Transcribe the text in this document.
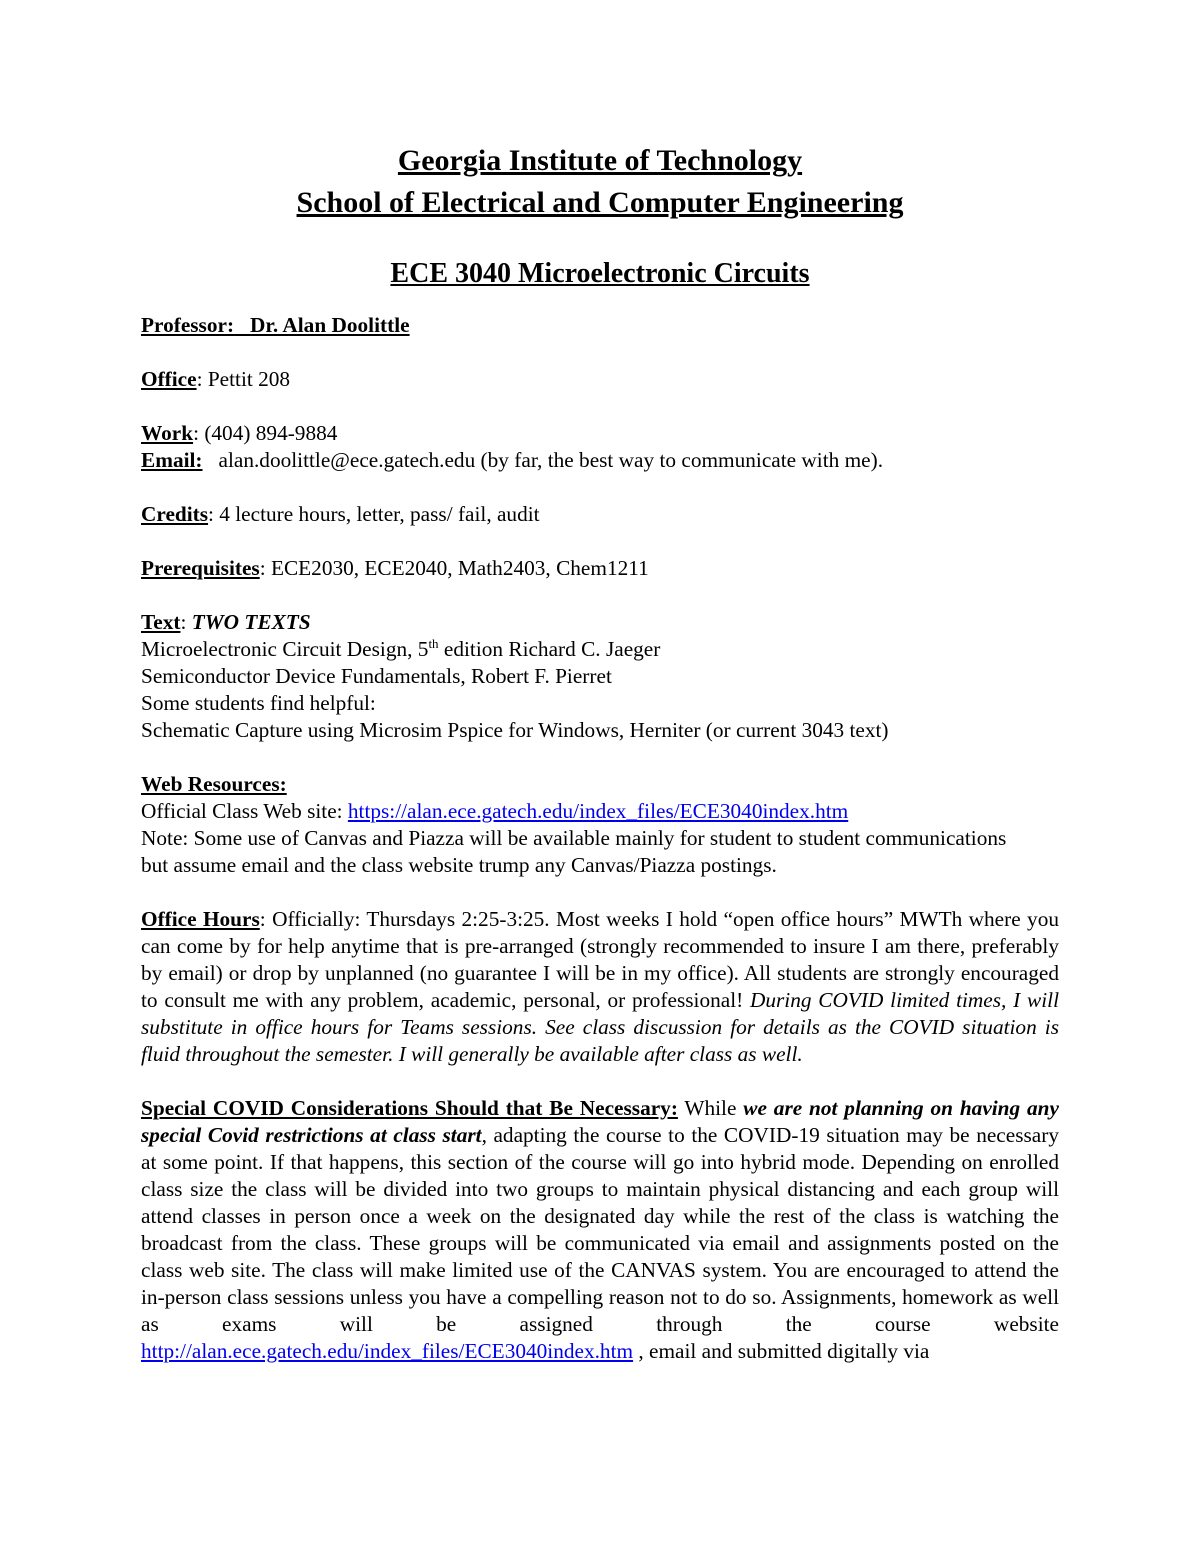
Georgia Institute of Technology

School of Electrical and Computer Engineering

ECE 3040 Microelectronic Circuits

Professor: Dr. Alan Doolittle

Office: Pettit 208

Work: (404) 894-9884

Email: alan.doolittle@ece.gatech.edu (by far, the best way to communicate with me).

Credits: 4 lecture hours, letter, pass/ fail, audit

Prerequisites: ECE2030, ECE2040, Math2403, Chem1211

Text: TWO TEXTS

Microelectronic Circuit Design, 5th edition Richard C. Jaeger

Semiconductor Device Fundamentals, Robert F. Pierret

Some students find helpful:

Schematic Capture using Microsim Pspice for Windows, Herniter (or current 3043 text)

Web Resources:

Official Class Web site: https://alan.ece.gatech.edu/index_files/ECE3040index.htm

Note: Some use of Canvas and Piazza will be available mainly for student to student communications but assume email and the class website trump any Canvas/Piazza postings.

Office Hours: Officially: Thursdays 2:25-3:25. Most weeks I hold “open office hours” MWTh where you can come by for help anytime that is pre-arranged (strongly recommended to insure I am there, preferably by email) or drop by unplanned (no guarantee I will be in my office). All students are strongly encouraged to consult me with any problem, academic, personal, or professional! During COVID limited times, I will substitute in office hours for Teams sessions. See class discussion for details as the COVID situation is fluid throughout the semester. I will generally be available after class as well.

Special COVID Considerations Should that Be Necessary: While we are not planning on having any special Covid restrictions at class start, adapting the course to the COVID-19 situation may be necessary at some point. If that happens, this section of the course will go into hybrid mode. Depending on enrolled class size the class will be divided into two groups to maintain physical distancing and each group will attend classes in person once a week on the designated day while the rest of the class is watching the broadcast from the class. These groups will be communicated via email and assignments posted on the class web site. The class will make limited use of the CANVAS system. You are encouraged to attend the in-person class sessions unless you have a compelling reason not to do so. Assignments, homework as well as exams will be assigned through the course website http://alan.ece.gatech.edu/index_files/ECE3040index.htm , email and submitted digitally via
